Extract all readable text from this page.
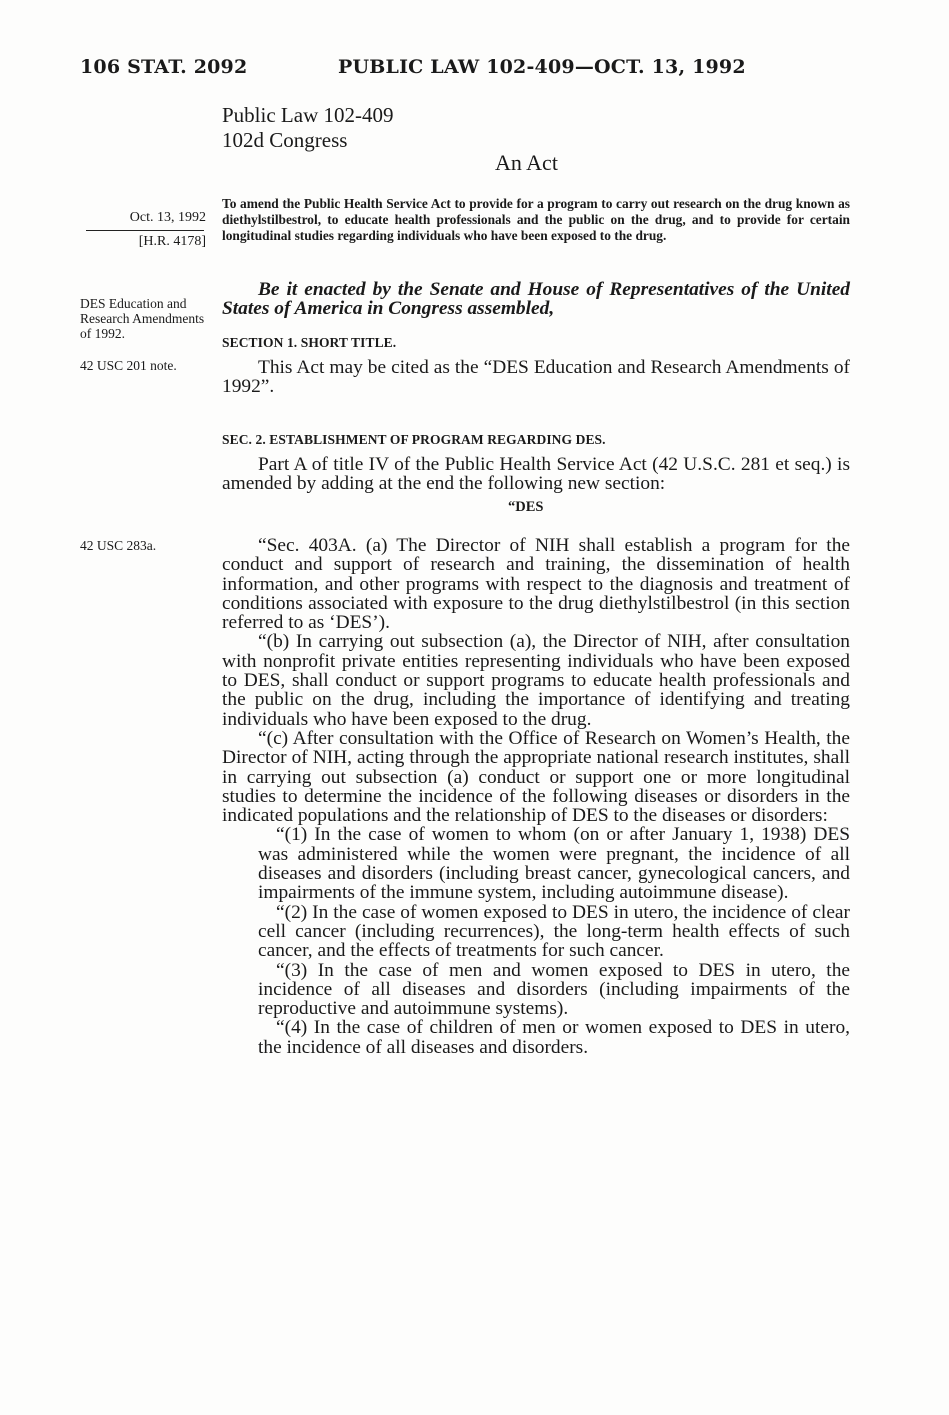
106 STAT. 2092	PUBLIC LAW 102-409—OCT. 13, 1992
Public Law 102-409
102d Congress
An Act
Oct. 13, 1992
[H.R. 4178]
To amend the Public Health Service Act to provide for a program to carry out research on the drug known as diethylstilbestrol, to educate health professionals and the public on the drug, and to provide for certain longitudinal studies regarding individuals who have been exposed to the drug.
DES Education and Research Amendments of 1992.
42 USC 201 note.
42 USC 283a.
Be it enacted by the Senate and House of Representatives of the United States of America in Congress assembled,
SECTION 1. SHORT TITLE.
This Act may be cited as the “DES Education and Research Amendments of 1992”.
SEC. 2. ESTABLISHMENT OF PROGRAM REGARDING DES.
Part A of title IV of the Public Health Service Act (42 U.S.C. 281 et seq.) is amended by adding at the end the following new section:
“DES

“Sec. 403A. (a) The Director of NIH shall establish a program for the conduct and support of research and training, the dissemination of health information, and other programs with respect to the diagnosis and treatment of conditions associated with exposure to the drug diethylstilbestrol (in this section referred to as ‘DES’).

“(b) In carrying out subsection (a), the Director of NIH, after consultation with nonprofit private entities representing individuals who have been exposed to DES, shall conduct or support programs to educate health professionals and the public on the drug, including the importance of identifying and treating individuals who have been exposed to the drug.

“(c) After consultation with the Office of Research on Women’s Health, the Director of NIH, acting through the appropriate national research institutes, shall in carrying out subsection (a) conduct or support one or more longitudinal studies to determine the incidence of the following diseases or disorders in the indicated populations and the relationship of DES to the diseases or disorders:

“(1) In the case of women to whom (on or after January 1, 1938) DES was administered while the women were pregnant, the incidence of all diseases and disorders (including breast cancer, gynecological cancers, and impairments of the immune system, including autoimmune disease).

“(2) In the case of women exposed to DES in utero, the incidence of clear cell cancer (including recurrences), the long-term health effects of such cancer, and the effects of treatments for such cancer.

“(3) In the case of men and women exposed to DES in utero, the incidence of all diseases and disorders (including impairments of the reproductive and autoimmune systems).

“(4) In the case of children of men or women exposed to DES in utero, the incidence of all diseases and disorders.
